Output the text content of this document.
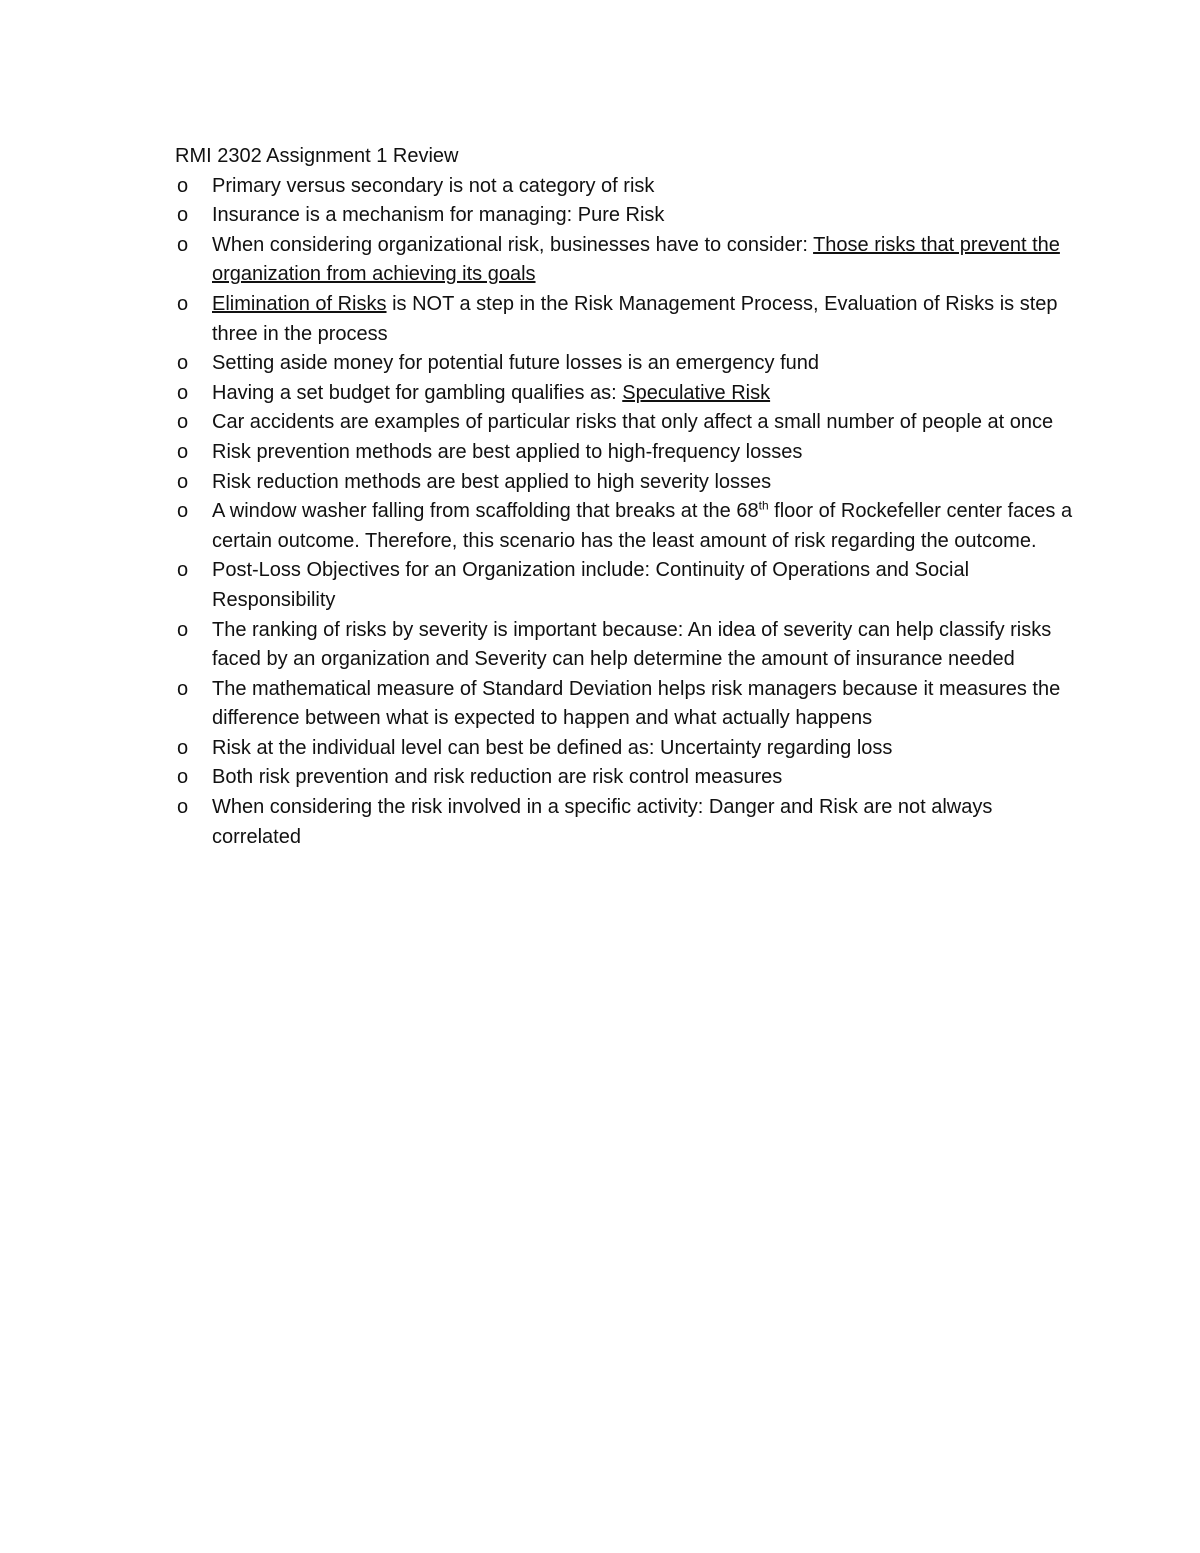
RMI 2302 Assignment 1 Review

o Primary versus secondary is not a category of risk
o Insurance is a mechanism for managing: Pure Risk
o When considering organizational risk, businesses have to consider: Those risks that prevent the organization from achieving its goals
o Elimination of Risks is NOT a step in the Risk Management Process, Evaluation of Risks is step three in the process
o Setting aside money for potential future losses is an emergency fund
o Having a set budget for gambling qualifies as: Speculative Risk
o Car accidents are examples of particular risks that only affect a small number of people at once
o Risk prevention methods are best applied to high-frequency losses
o Risk reduction methods are best applied to high severity losses
o A window washer falling from scaffolding that breaks at the 68th floor of Rockefeller center faces a certain outcome. Therefore, this scenario has the least amount of risk regarding the outcome.
o Post-Loss Objectives for an Organization include: Continuity of Operations and Social Responsibility
o The ranking of risks by severity is important because: An idea of severity can help classify risks faced by an organization and Severity can help determine the amount of insurance needed
o The mathematical measure of Standard Deviation helps risk managers because it measures the difference between what is expected to happen and what actually happens
o Risk at the individual level can best be defined as: Uncertainty regarding loss
o Both risk prevention and risk reduction are risk control measures
o When considering the risk involved in a specific activity: Danger and Risk are not always correlated
